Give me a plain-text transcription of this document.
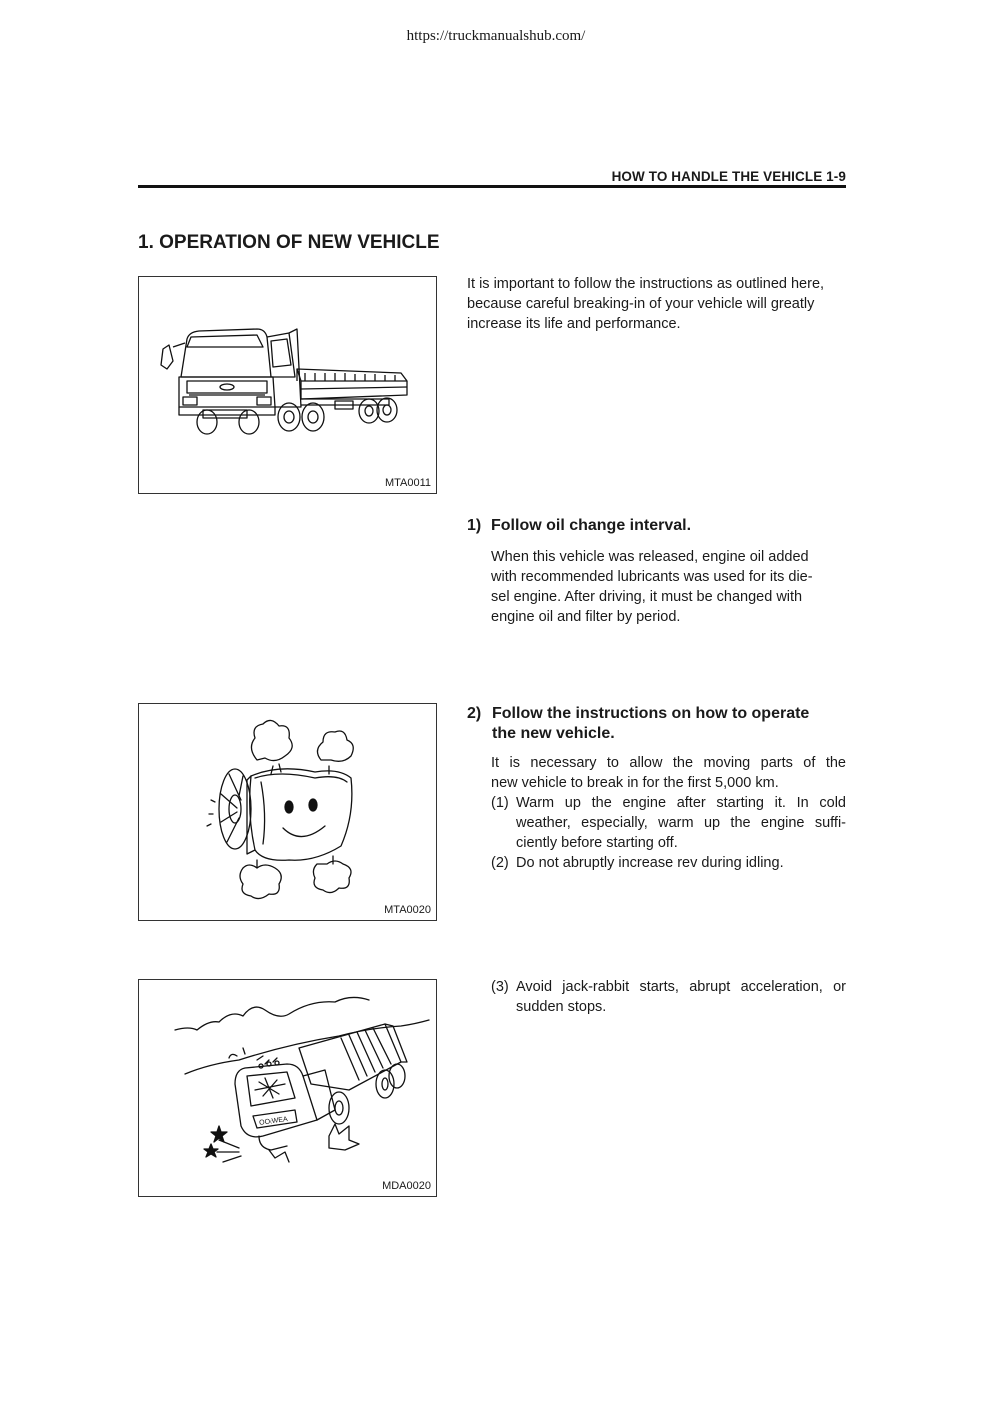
https://truckmanualshub.com/
HOW TO HANDLE THE VEHICLE 1-9
1. OPERATION OF NEW VEHICLE
MTA0011
It is important to follow the instructions as outlined here,
because careful breaking-in of your vehicle will greatly
increase its life and performance.
1) Follow oil change interval.
When this vehicle was released, engine oil added
with recommended lubricants was used for its die-
sel engine. After driving, it must be changed with
engine oil and filter by period.
MTA0020
2) Follow the instructions on how to operate
the new vehicle.
It is necessary to allow the moving parts of the
new vehicle to break in for the first 5,000 km.
(1) Warm up the engine after starting it. In cold
weather, especially, warm up the engine suffi-
ciently before starting off.
(2) Do not abruptly increase rev during idling.
OO₍WEA
MDA0020
(3) Avoid jack-rabbit starts, abrupt acceleration, or
sudden stops.
